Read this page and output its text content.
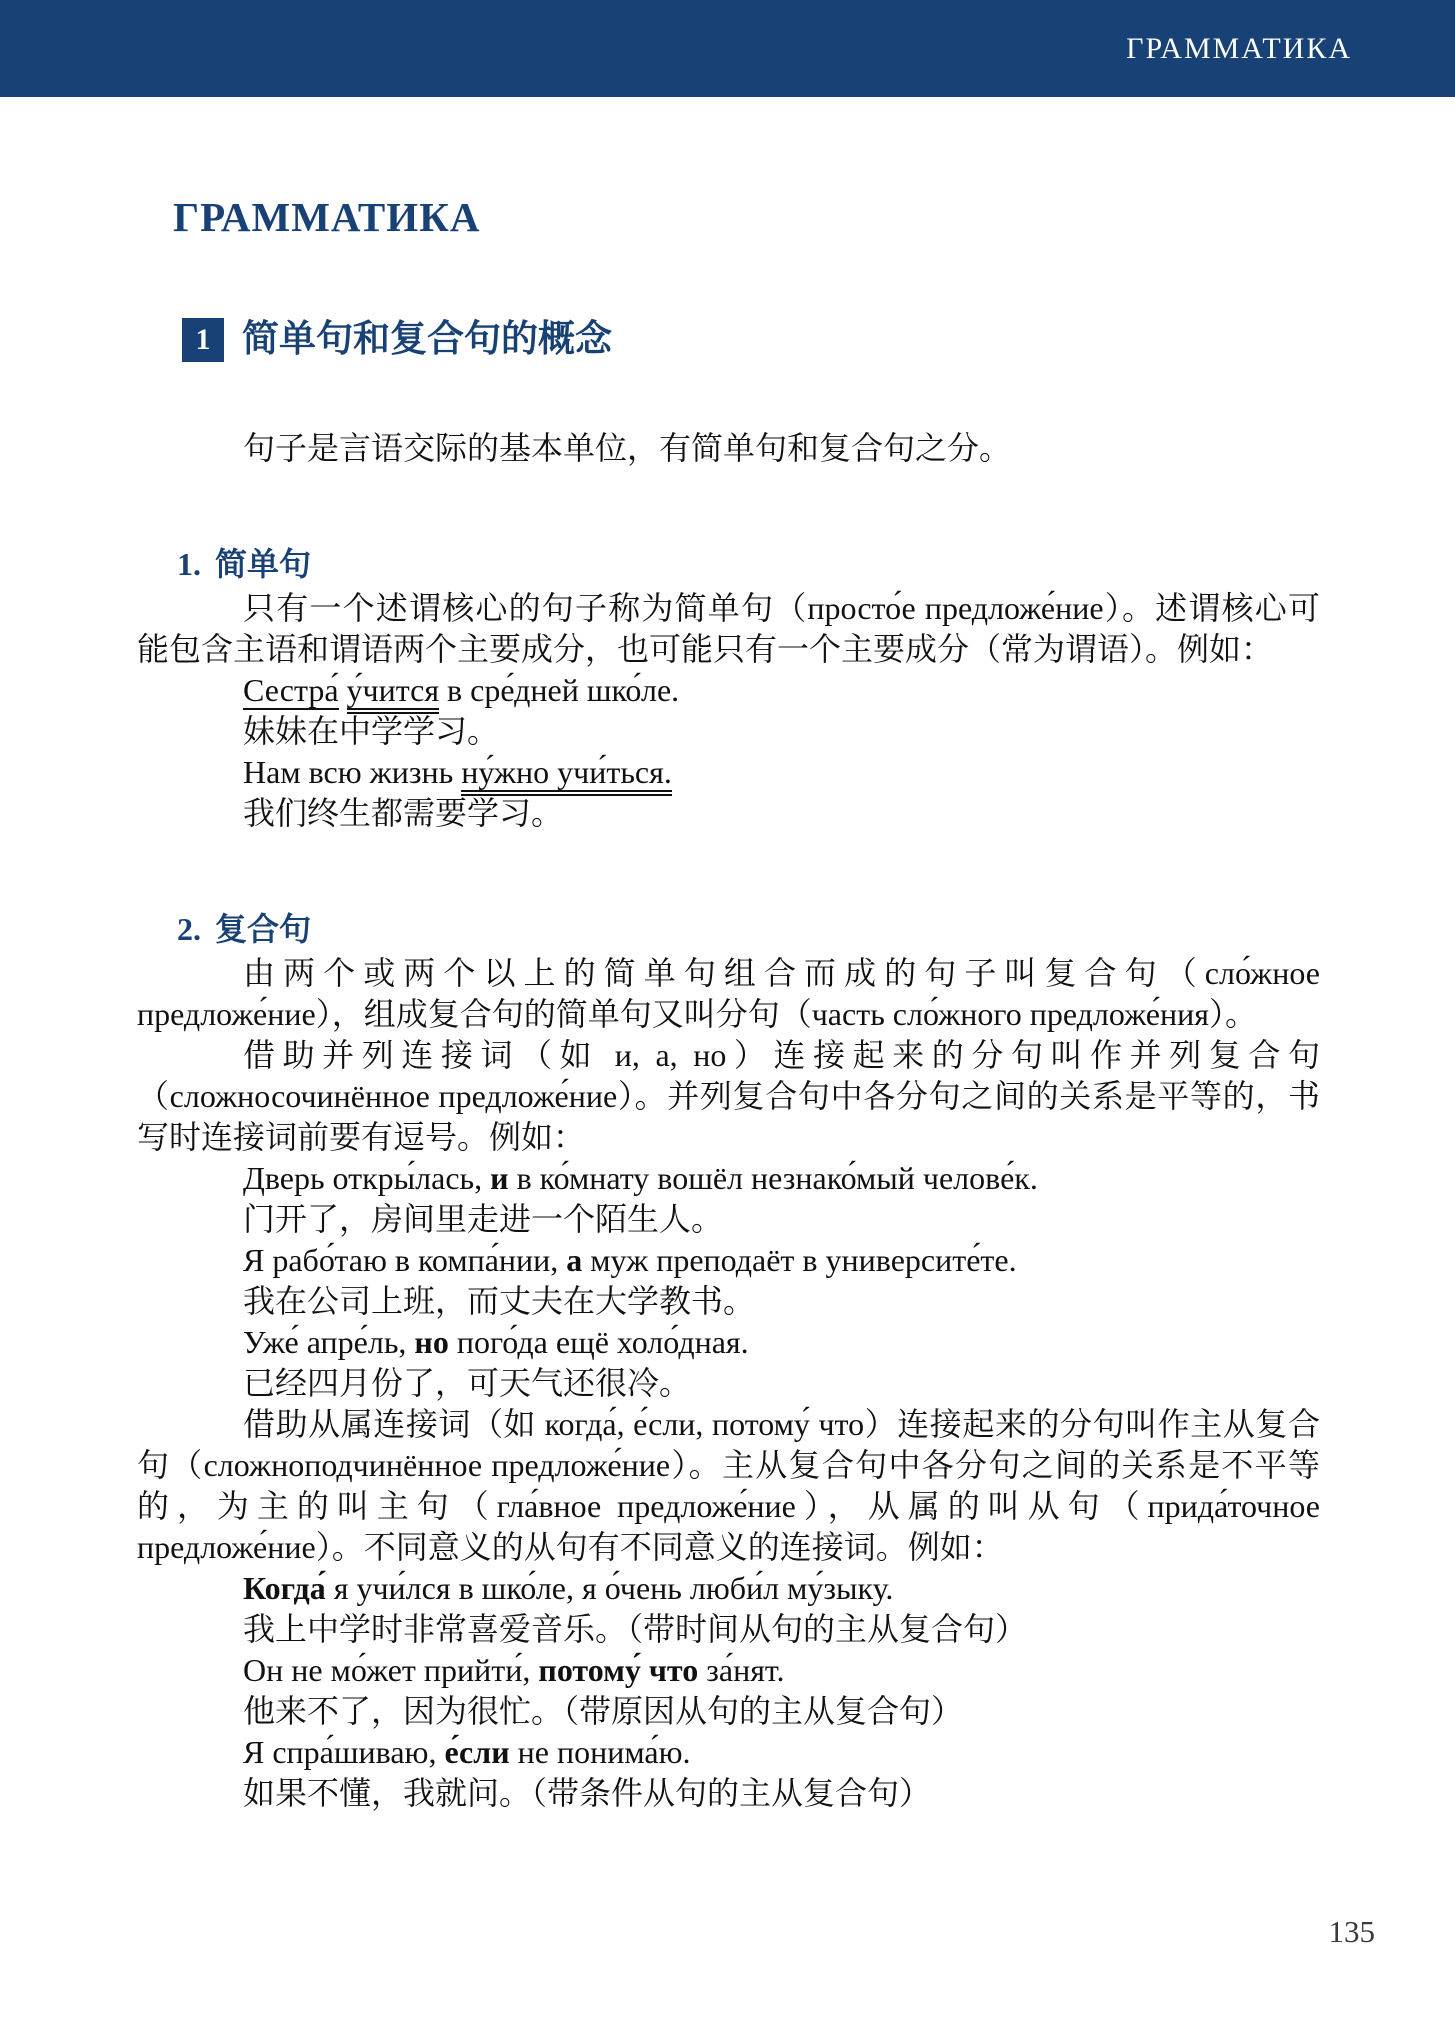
ГРАММАТИКА
ГРАММАТИКА
1 简单句和复合句的概念

句子是言语交际的基本单位，有简单句和复合句之分。

1. 简单句
只有一个述谓核心的句子称为简单句（просто́е предложе́ние）。述谓核心可能包含主语和谓语两个主要成分，也可能只有一个主要成分（常为谓语）。例如：
Сестра́ у́чится в сре́дней шко́ле.
妹妹在中学学习。
Нам всю жизнь ну́жно учи́ться.
我们终生都需要学习。
2. 复合句
由两个或两个以上的简单句组合而成的句子叫复合句（сло́жное предложе́ние），组成复合句的简单句又叫分句（часть сло́жного предложе́ния）。
借助并列连接词（如 и, а, но）连接起来的分句叫作并列复合句（сложносочинённое предложе́ние）。并列复合句中各分句之间的关系是平等的，书写时连接词前要有逗号。例如：
Дверь откры́лась, и в ко́мнату вошёл незнако́мый челове́к.
门开了，房间里走进一个陌生人。
Я рабо́таю в компа́нии, а муж преподаёт в университе́те.
我在公司上班，而丈夫在大学教书。
Уже́ апре́ль, но пого́да ещё холо́дная.
已经四月份了，可天气还很冷。
借助从属连接词（如 когда́, е́сли, потому́ что）连接起来的分句叫作主从复合句（сложноподчинённое предложе́ние）。主从复合句中各分句之间的关系是不平等的，为主的叫主句（гла́вное предложе́ние），从属的叫从句（прида́точное предложе́ние）。不同意义的从句有不同意义的连接词。例如：
Когда́ я учи́лся в шко́ле, я о́чень люби́л му́зыку.
我上中学时非常喜爱音乐。（带时间从句的主从复合句）
Он не мо́жет прийти́, потому́ что за́нят.
他来不了，因为很忙。（带原因从句的主从复合句）
Я спра́шиваю, е́сли не понима́ю.
如果不懂，我就问。（带条件从句的主从复合句）
135
